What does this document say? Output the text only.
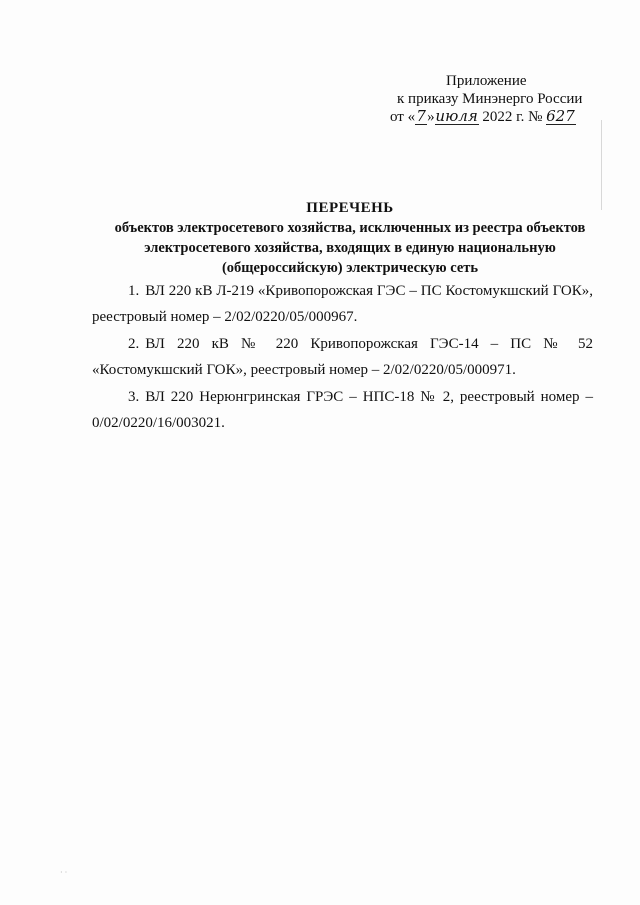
Приложение
к приказу Минэнерго России
от «7»июля 2022 г. № 627
ПЕРЕЧЕНЬ
объектов электросетевого хозяйства, исключенных из реестра объектов
электросетевого хозяйства, входящих в единую национальную
(общероссийскую) электрическую сеть
1. ВЛ 220 кВ Л-219 «Кривопорожская ГЭС – ПС Костомукшский ГОК», реестровый номер – 2/02/0220/05/000967.
2. ВЛ 220 кВ № 220 Кривопорожская ГЭС-14 – ПС № 52 «Костомукшский ГОК», реестровый номер – 2/02/0220/05/000971.
3. ВЛ 220 Нерюнгринская ГРЭС – НПС-18 № 2, реестровый номер – 0/02/0220/16/003021.
· ·
